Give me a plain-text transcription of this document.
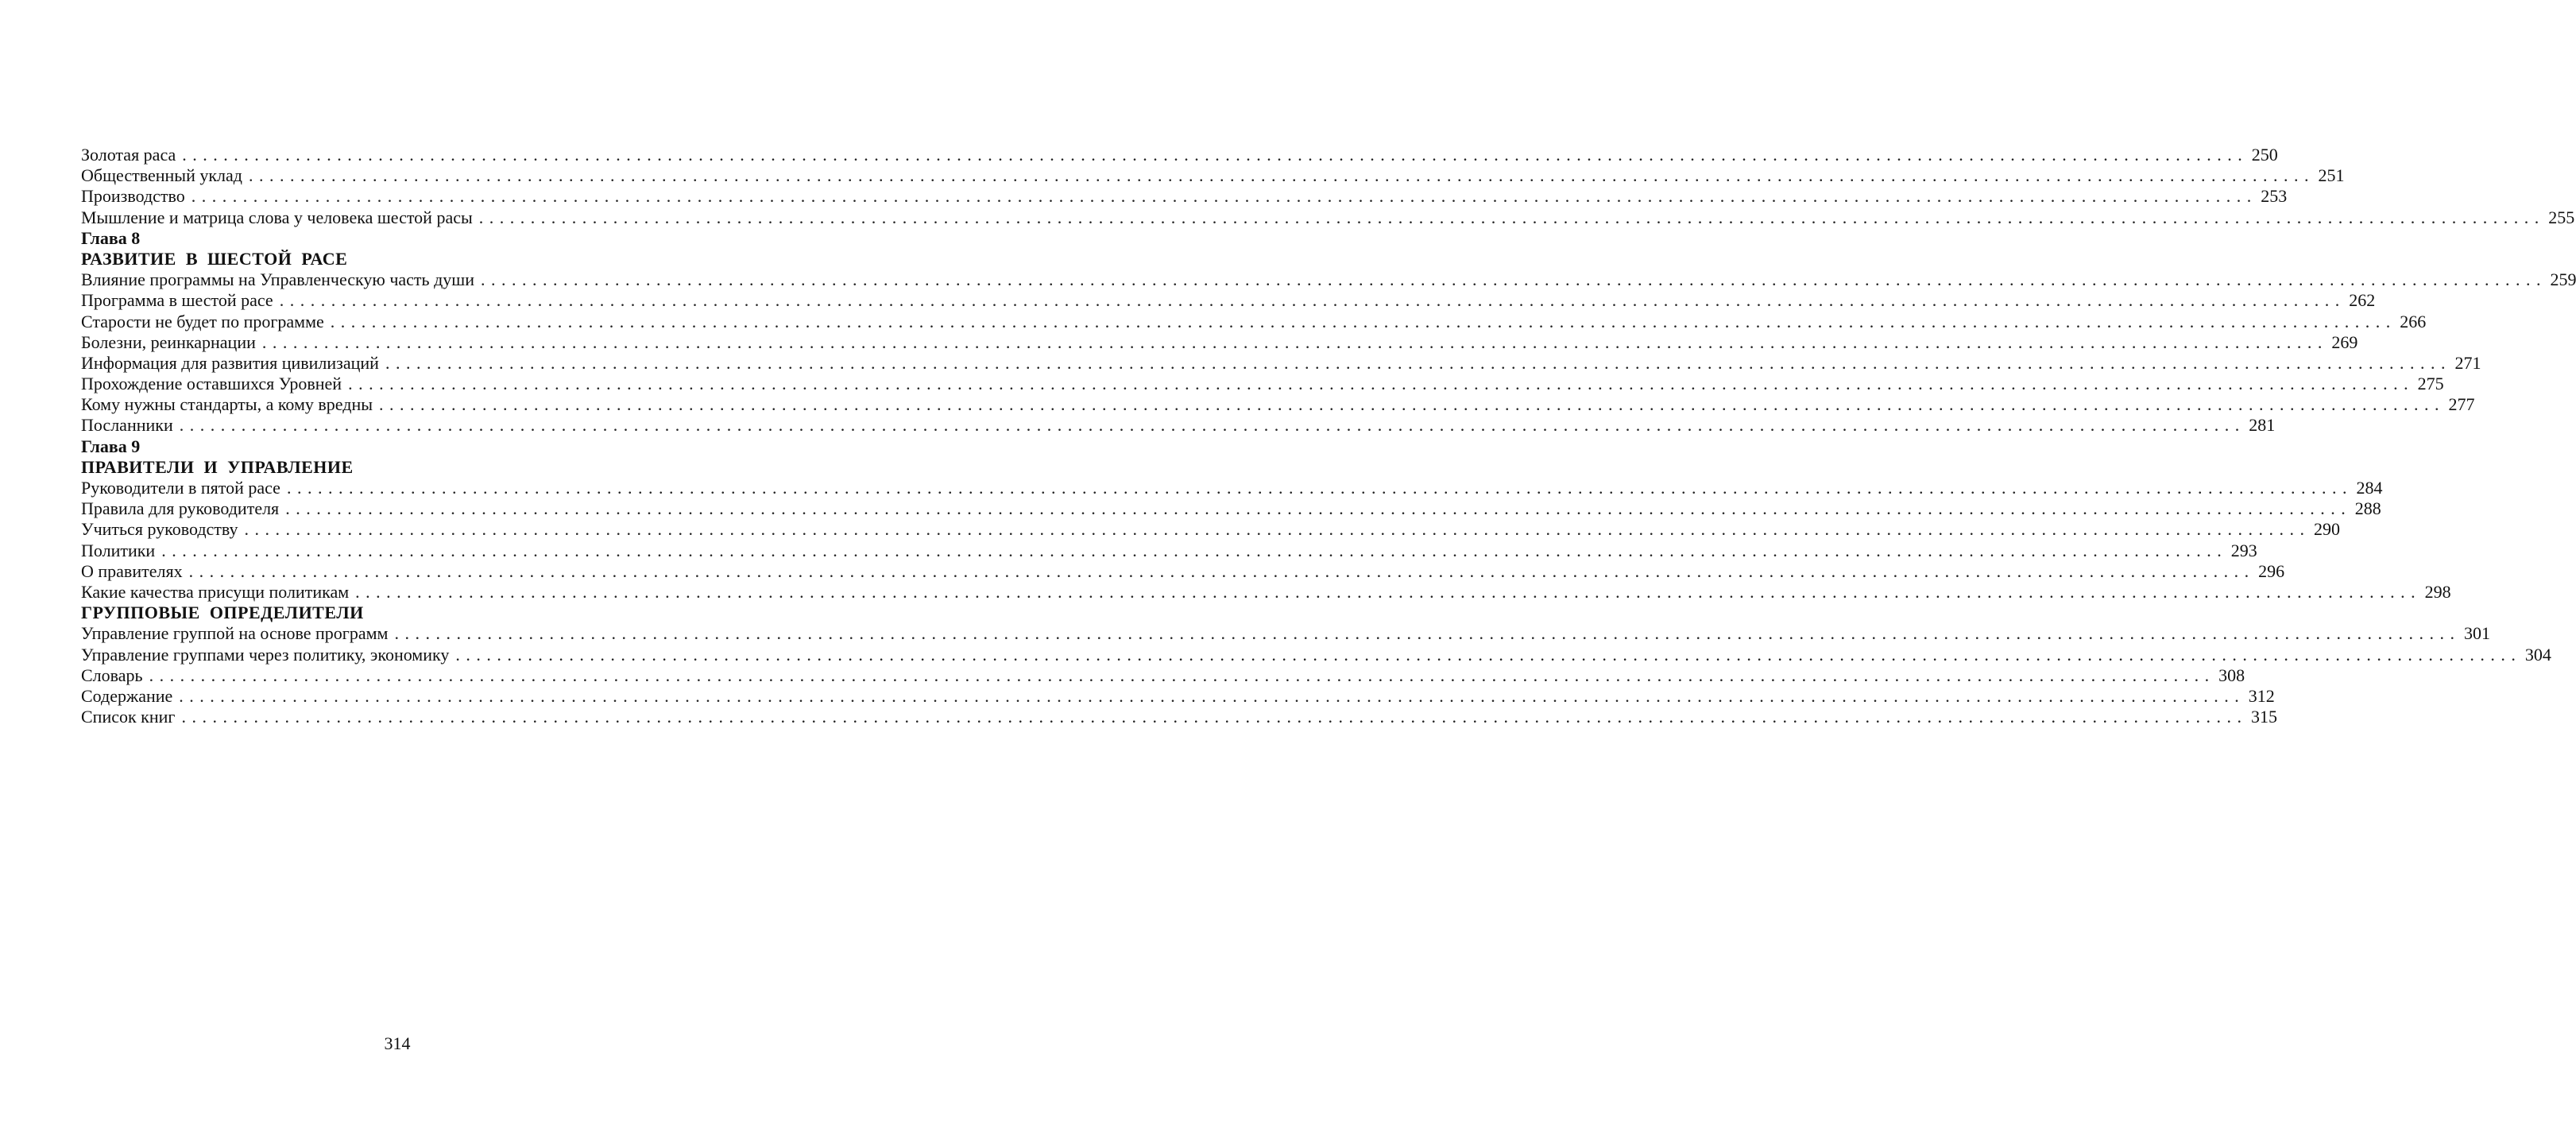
Золотая раса . . . . . . . . . . . . . . . . . . . . . . . . . . . . . . . . . . . . . . . . . . . . . . . . . . . . . . . . . . . . . . . . . . . . . . . . . . . . . . . . . . . . . . . . . . . . . . . . . . . . . . . . . . . . . . . . . . . . . . . . . . . . . . . . . . . . . . . . . . . . . . . . . . . . . . . . . . . . . . . . . . . . . . . . . . . . . . . . . . . . . . . . . . . . . . . . . . . . . . . . 250
Общественный уклад . . . . . . . . . . . . . . . . . . . . . . . . . . . . . . . . . . . . . . . . . . . . . . . . . . . . . . . . . . . . . . . . . . . . . . . . . . . . . . . . . . . . . . . . . . . . . . . . . . . . . . . . . . . . . . . . . . . . . . . . . . . . . . . . . . . . . . . . . . . . . . . . . . . . . . . . . . . . . . . . . . . . . . . . . . . . . . . . . . . . . . . . . . . . . . . . . . . . . . . . 251
Производство . . . . . . . . . . . . . . . . . . . . . . . . . . . . . . . . . . . . . . . . . . . . . . . . . . . . . . . . . . . . . . . . . . . . . . . . . . . . . . . . . . . . . . . . . . . . . . . . . . . . . . . . . . . . . . . . . . . . . . . . . . . . . . . . . . . . . . . . . . . . . . . . . . . . . . . . . . . . . . . . . . . . . . . . . . . . . . . . . . . . . . . . . . . . . . . . . . . . . . . . 253
Мышление и матрица слова у человека шестой расы . . . . . . . . . . . . . . . . . . . . . . . . . . . . . . . . . . . . . . . . . . . . . . . . . . . . . . . . . . . . . . . . . . . . . . . . . . . . . . . . . . . . . . . . . . . . . . . . . . . . . . . . . . . . . . . . . . . . . . . . . . . . . . . . . . . . . . . . . . . . . . . . . . . . . . . . . . . . . . . . . . . . . . . . . . . . . . . . . . . . . . . . . . . . . . . . . . . . . . . . 255
Глава 8
РАЗВИТИЕ В ШЕСТОЙ РАСЕ
Влияние программы на Управленческую часть души . . . . . . . . . . . . . . . . . . . . . . . . . . . . . . . . . . . . . . . . . . . . . . . . . . . . . . . . . . . . . . . . . . . . . . . . . . . . . . . . . . . . . . . . . . . . . . . . . . . . . . . . . . . . . . . . . . . . . . . . . . . . . . . . . . . . . . . . . . . . . . . . . . . . . . . . . . . . . . . . . . . . . . . . . . . . . . . . . . . . . . . . . . . . . . . . . . . . . . . . 259
Программа в шестой расе . . . . . . . . . . . . . . . . . . . . . . . . . . . . . . . . . . . . . . . . . . . . . . . . . . . . . . . . . . . . . . . . . . . . . . . . . . . . . . . . . . . . . . . . . . . . . . . . . . . . . . . . . . . . . . . . . . . . . . . . . . . . . . . . . . . . . . . . . . . . . . . . . . . . . . . . . . . . . . . . . . . . . . . . . . . . . . . . . . . . . . . . . . . . . . . . . . . . . . . . 262
Старости не будет по программе . . . . . . . . . . . . . . . . . . . . . . . . . . . . . . . . . . . . . . . . . . . . . . . . . . . . . . . . . . . . . . . . . . . . . . . . . . . . . . . . . . . . . . . . . . . . . . . . . . . . . . . . . . . . . . . . . . . . . . . . . . . . . . . . . . . . . . . . . . . . . . . . . . . . . . . . . . . . . . . . . . . . . . . . . . . . . . . . . . . . . . . . . . . . . . . . . . . . . . . . 266
Болезни, реинкарнации . . . . . . . . . . . . . . . . . . . . . . . . . . . . . . . . . . . . . . . . . . . . . . . . . . . . . . . . . . . . . . . . . . . . . . . . . . . . . . . . . . . . . . . . . . . . . . . . . . . . . . . . . . . . . . . . . . . . . . . . . . . . . . . . . . . . . . . . . . . . . . . . . . . . . . . . . . . . . . . . . . . . . . . . . . . . . . . . . . . . . . . . . . . . . . . . . . . . . . . . 269
Информация для развития цивилизаций . . . . . . . . . . . . . . . . . . . . . . . . . . . . . . . . . . . . . . . . . . . . . . . . . . . . . . . . . . . . . . . . . . . . . . . . . . . . . . . . . . . . . . . . . . . . . . . . . . . . . . . . . . . . . . . . . . . . . . . . . . . . . . . . . . . . . . . . . . . . . . . . . . . . . . . . . . . . . . . . . . . . . . . . . . . . . . . . . . . . . . . . . . . . . . . . . . . . . . . . 271
Прохождение оставшихся Уровней . . . . . . . . . . . . . . . . . . . . . . . . . . . . . . . . . . . . . . . . . . . . . . . . . . . . . . . . . . . . . . . . . . . . . . . . . . . . . . . . . . . . . . . . . . . . . . . . . . . . . . . . . . . . . . . . . . . . . . . . . . . . . . . . . . . . . . . . . . . . . . . . . . . . . . . . . . . . . . . . . . . . . . . . . . . . . . . . . . . . . . . . . . . . . . . . . . . . . . . . 275
Кому нужны стандарты, а кому вредны . . . . . . . . . . . . . . . . . . . . . . . . . . . . . . . . . . . . . . . . . . . . . . . . . . . . . . . . . . . . . . . . . . . . . . . . . . . . . . . . . . . . . . . . . . . . . . . . . . . . . . . . . . . . . . . . . . . . . . . . . . . . . . . . . . . . . . . . . . . . . . . . . . . . . . . . . . . . . . . . . . . . . . . . . . . . . . . . . . . . . . . . . . . . . . . . . . . . . . . . 277
Посланники . . . . . . . . . . . . . . . . . . . . . . . . . . . . . . . . . . . . . . . . . . . . . . . . . . . . . . . . . . . . . . . . . . . . . . . . . . . . . . . . . . . . . . . . . . . . . . . . . . . . . . . . . . . . . . . . . . . . . . . . . . . . . . . . . . . . . . . . . . . . . . . . . . . . . . . . . . . . . . . . . . . . . . . . . . . . . . . . . . . . . . . . . . . . . . . . . . . . . . . . 281
Глава 9
ПРАВИТЕЛИ И УПРАВЛЕНИЕ
Руководители в пятой расе . . . . . . . . . . . . . . . . . . . . . . . . . . . . . . . . . . . . . . . . . . . . . . . . . . . . . . . . . . . . . . . . . . . . . . . . . . . . . . . . . . . . . . . . . . . . . . . . . . . . . . . . . . . . . . . . . . . . . . . . . . . . . . . . . . . . . . . . . . . . . . . . . . . . . . . . . . . . . . . . . . . . . . . . . . . . . . . . . . . . . . . . . . . . . . . . . . . . . . . . 284
Правила для руководителя . . . . . . . . . . . . . . . . . . . . . . . . . . . . . . . . . . . . . . . . . . . . . . . . . . . . . . . . . . . . . . . . . . . . . . . . . . . . . . . . . . . . . . . . . . . . . . . . . . . . . . . . . . . . . . . . . . . . . . . . . . . . . . . . . . . . . . . . . . . . . . . . . . . . . . . . . . . . . . . . . . . . . . . . . . . . . . . . . . . . . . . . . . . . . . . . . . . . . . . . 288
Учиться руководству . . . . . . . . . . . . . . . . . . . . . . . . . . . . . . . . . . . . . . . . . . . . . . . . . . . . . . . . . . . . . . . . . . . . . . . . . . . . . . . . . . . . . . . . . . . . . . . . . . . . . . . . . . . . . . . . . . . . . . . . . . . . . . . . . . . . . . . . . . . . . . . . . . . . . . . . . . . . . . . . . . . . . . . . . . . . . . . . . . . . . . . . . . . . . . . . . . . . . . . . 290
Политики . . . . . . . . . . . . . . . . . . . . . . . . . . . . . . . . . . . . . . . . . . . . . . . . . . . . . . . . . . . . . . . . . . . . . . . . . . . . . . . . . . . . . . . . . . . . . . . . . . . . . . . . . . . . . . . . . . . . . . . . . . . . . . . . . . . . . . . . . . . . . . . . . . . . . . . . . . . . . . . . . . . . . . . . . . . . . . . . . . . . . . . . . . . . . . . . . . . . . . . . 293
О правителях . . . . . . . . . . . . . . . . . . . . . . . . . . . . . . . . . . . . . . . . . . . . . . . . . . . . . . . . . . . . . . . . . . . . . . . . . . . . . . . . . . . . . . . . . . . . . . . . . . . . . . . . . . . . . . . . . . . . . . . . . . . . . . . . . . . . . . . . . . . . . . . . . . . . . . . . . . . . . . . . . . . . . . . . . . . . . . . . . . . . . . . . . . . . . . . . . . . . . . . . 296
Какие качества присущи политикам . . . . . . . . . . . . . . . . . . . . . . . . . . . . . . . . . . . . . . . . . . . . . . . . . . . . . . . . . . . . . . . . . . . . . . . . . . . . . . . . . . . . . . . . . . . . . . . . . . . . . . . . . . . . . . . . . . . . . . . . . . . . . . . . . . . . . . . . . . . . . . . . . . . . . . . . . . . . . . . . . . . . . . . . . . . . . . . . . . . . . . . . . . . . . . . . . . . . . . . . 298
ГРУППОВЫЕ ОПРЕДЕЛИТЕЛИ
Управление группой на основе программ . . . . . . . . . . . . . . . . . . . . . . . . . . . . . . . . . . . . . . . . . . . . . . . . . . . . . . . . . . . . . . . . . . . . . . . . . . . . . . . . . . . . . . . . . . . . . . . . . . . . . . . . . . . . . . . . . . . . . . . . . . . . . . . . . . . . . . . . . . . . . . . . . . . . . . . . . . . . . . . . . . . . . . . . . . . . . . . . . . . . . . . . . . . . . . . . . . . . . . . . 301
Управление группами через политику, экономику . . . . . . . . . . . . . . . . . . . . . . . . . . . . . . . . . . . . . . . . . . . . . . . . . . . . . . . . . . . . . . . . . . . . . . . . . . . . . . . . . . . . . . . . . . . . . . . . . . . . . . . . . . . . . . . . . . . . . . . . . . . . . . . . . . . . . . . . . . . . . . . . . . . . . . . . . . . . . . . . . . . . . . . . . . . . . . . . . . . . . . . . . . . . . . . . . . . . . . . . 304
Словарь . . . . . . . . . . . . . . . . . . . . . . . . . . . . . . . . . . . . . . . . . . . . . . . . . . . . . . . . . . . . . . . . . . . . . . . . . . . . . . . . . . . . . . . . . . . . . . . . . . . . . . . . . . . . . . . . . . . . . . . . . . . . . . . . . . . . . . . . . . . . . . . . . . . . . . . . . . . . . . . . . . . . . . . . . . . . . . . . . . . . . . . . . . . . . . . . . . . . . . . . 308
Содержание . . . . . . . . . . . . . . . . . . . . . . . . . . . . . . . . . . . . . . . . . . . . . . . . . . . . . . . . . . . . . . . . . . . . . . . . . . . . . . . . . . . . . . . . . . . . . . . . . . . . . . . . . . . . . . . . . . . . . . . . . . . . . . . . . . . . . . . . . . . . . . . . . . . . . . . . . . . . . . . . . . . . . . . . . . . . . . . . . . . . . . . . . . . . . . . . . . . . . . . . 312
Список книг . . . . . . . . . . . . . . . . . . . . . . . . . . . . . . . . . . . . . . . . . . . . . . . . . . . . . . . . . . . . . . . . . . . . . . . . . . . . . . . . . . . . . . . . . . . . . . . . . . . . . . . . . . . . . . . . . . . . . . . . . . . . . . . . . . . . . . . . . . . . . . . . . . . . . . . . . . . . . . . . . . . . . . . . . . . . . . . . . . . . . . . . . . . . . . . . . . . . . . . . 315
314
